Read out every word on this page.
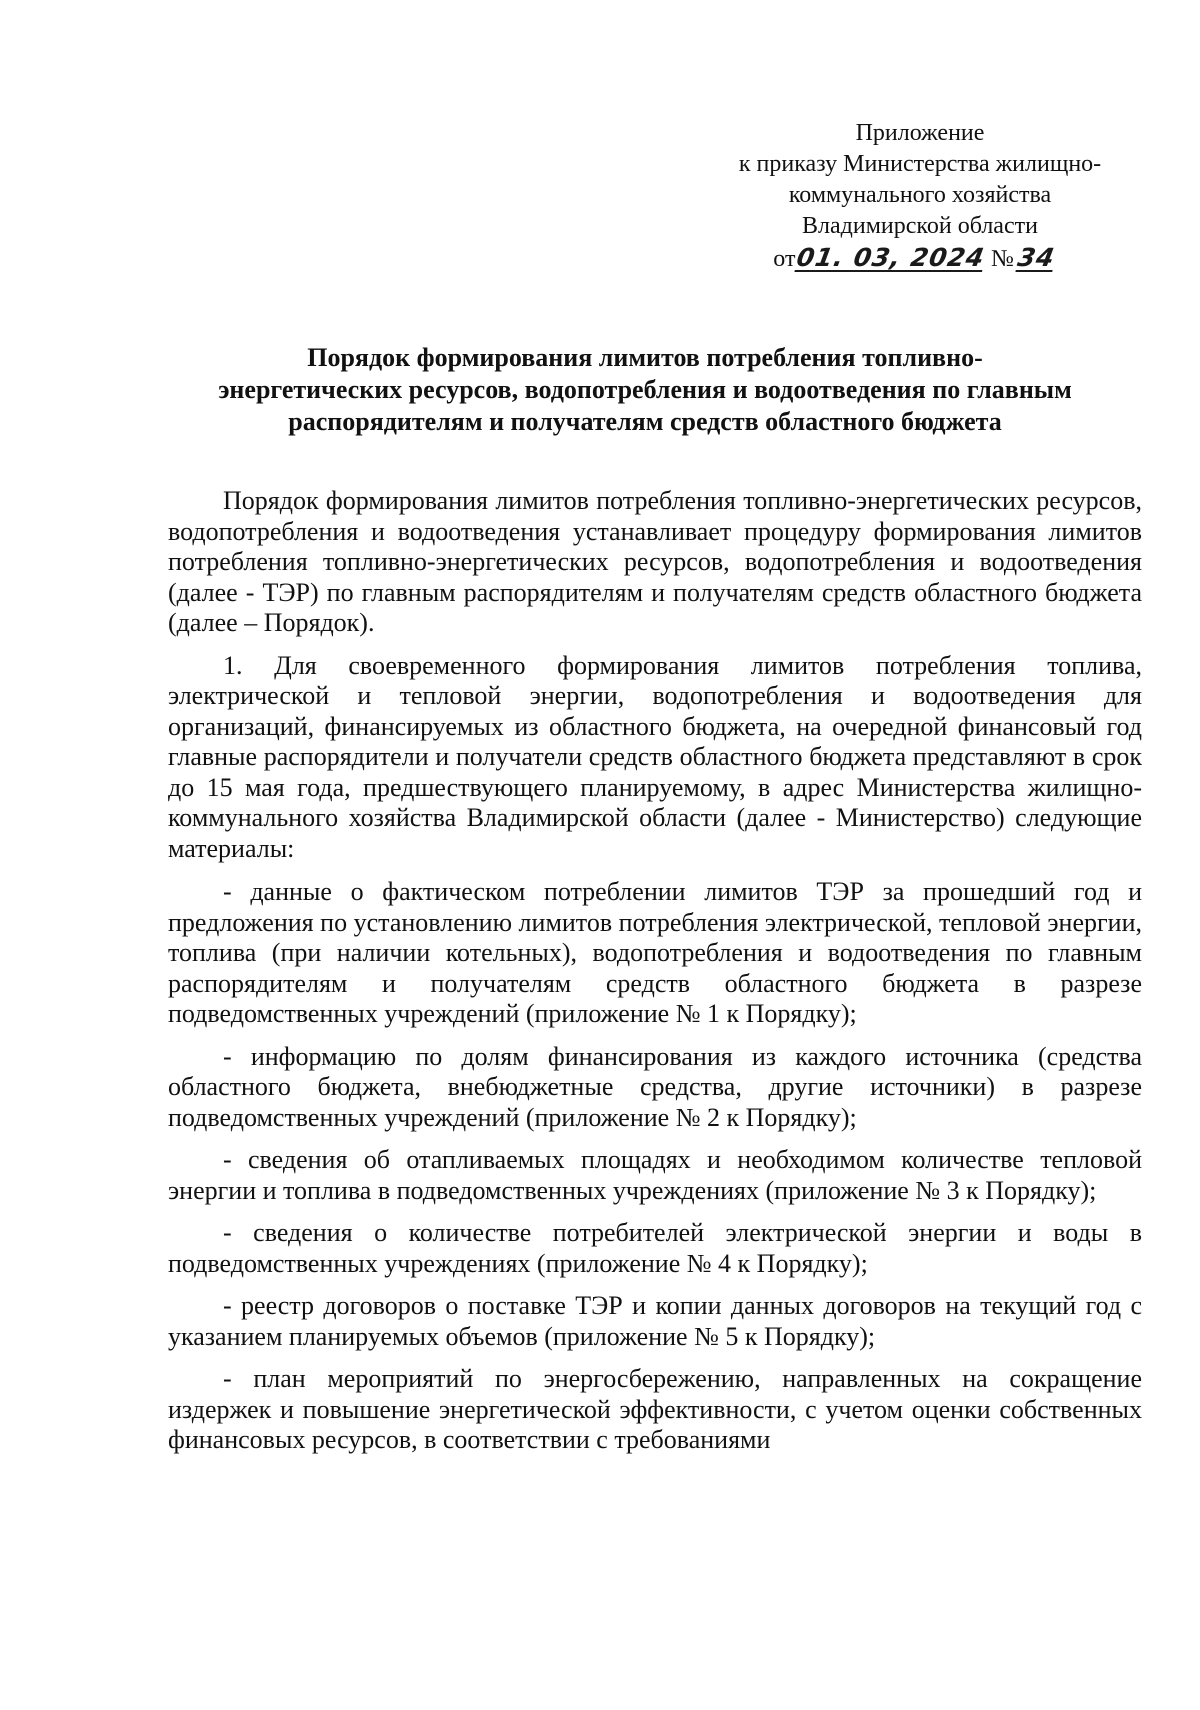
Приложение
к приказу Министерства жилищно-
коммунального хозяйства
Владимирской области
от01. 03, 2024 №34
Порядок формирования лимитов потребления топливно-
энергетических ресурсов, водопотребления и водоотведения по главным
распорядителям и получателям средств областного бюджета

Порядок формирования лимитов потребления топливно-энергетических ресурсов, водопотребления и водоотведения устанавливает процедуру формирования лимитов потребления топливно-энергетических ресурсов, водопотребления и водоотведения (далее - ТЭР) по главным распорядителям и получателям средств областного бюджета (далее – Порядок).

1. Для своевременного формирования лимитов потребления топлива, электрической и тепловой энергии, водопотребления и водоотведения для организаций, финансируемых из областного бюджета, на очередной финансовый год главные распорядители и получатели средств областного бюджета представляют в срок до 15 мая года, предшествующего планируемому, в адрес Министерства жилищно-коммунального хозяйства Владимирской области (далее - Министерство) следующие материалы:

- данные о фактическом потреблении лимитов ТЭР за прошедший год и предложения по установлению лимитов потребления электрической, тепловой энергии, топлива (при наличии котельных), водопотребления и водоотведения по главным распорядителям и получателям средств областного бюджета в разрезе подведомственных учреждений (приложение № 1 к Порядку);

- информацию по долям финансирования из каждого источника (средства областного бюджета, внебюджетные средства, другие источники) в разрезе подведомственных учреждений (приложение № 2 к Порядку);

- сведения об отапливаемых площадях и необходимом количестве тепловой энергии и топлива в подведомственных учреждениях (приложение № 3 к Порядку);

- сведения о количестве потребителей электрической энергии и воды в подведомственных учреждениях (приложение № 4 к Порядку);

- реестр договоров о поставке ТЭР и копии данных договоров на текущий год с указанием планируемых объемов (приложение № 5 к Порядку);

- план мероприятий по энергосбережению, направленных на сокращение издержек и повышение энергетической эффективности, с учетом оценки собственных финансовых ресурсов, в соответствии с требованиями
